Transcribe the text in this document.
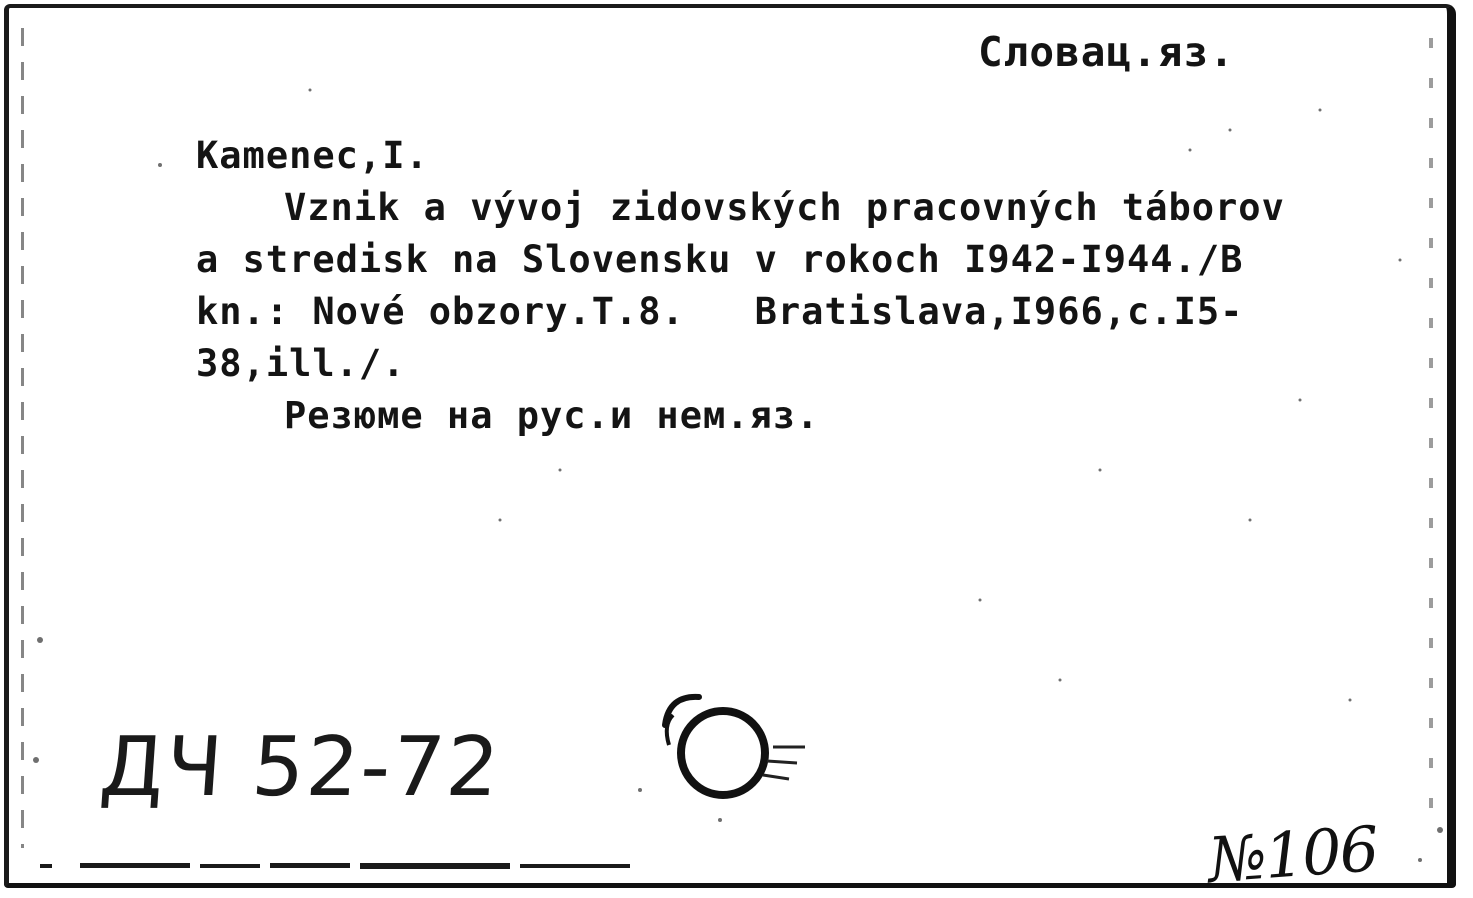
Словац.яз.
Kamenec,I.
Vznik a vývoj zidovských pracovných táborov
a stredisk na Slovensku v rokoch I942-I944./B
kn.: Nové obzory.T.8.   Bratislava,I966,c.I5-
38,ill./.
Резюме на рус.и нем.яз.
ДЧ 52-72
№106
